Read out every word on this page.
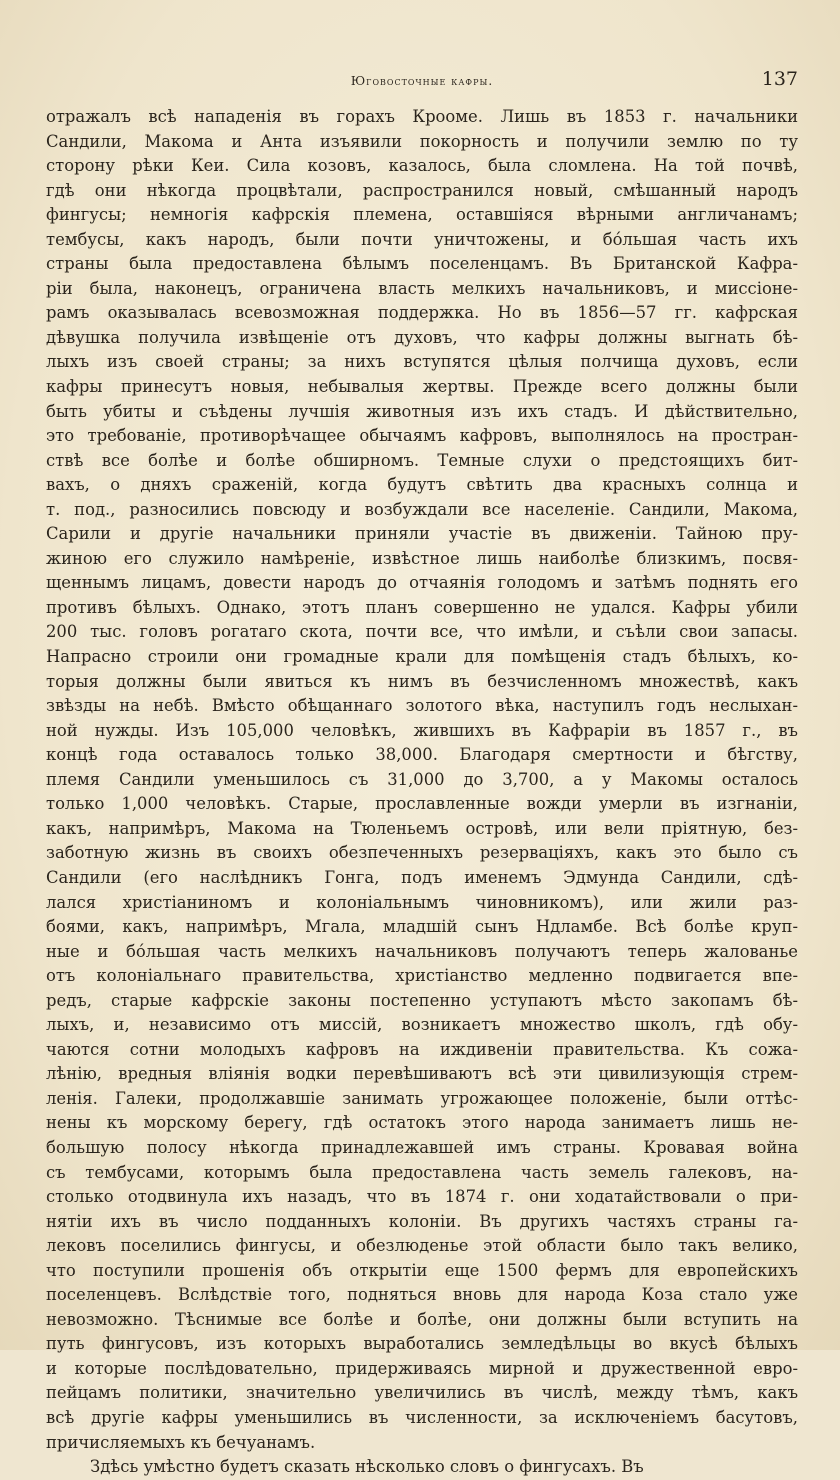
Юговосточные кафры.	137
отражалъ всѣ нападенія въ горахъ Крооме. Лишь въ 1853 г. начальники
Сандили, Макома и Анта изъявили покорность и получили землю по ту
сторону рѣки Кеи. Сила козовъ, казалось, была сломлена. На той почвѣ,
гдѣ они нѣкогда процвѣтали, распространился новый, смѣшанный народъ
фингусы; немногія кафрскія племена, оставшіяся вѣрными англичанамъ;
тембусы, какъ народъ, были почти уничтожены, и бо́льшая часть ихъ
страны была предоставлена бѣлымъ поселенцамъ. Въ Британской Кафра-
ріи была, наконецъ, ограничена власть мелкихъ начальниковъ, и миссіоне-
рамъ оказывалась всевозможная поддержка. Но въ 1856—57 гг. кафрская
дѣвушка получила извѣщеніе отъ духовъ, что кафры должны выгнать бѣ-
лыхъ изъ своей страны; за нихъ вступятся цѣлыя полчища духовъ, если
кафры принесутъ новыя, небывалыя жертвы. Прежде всего должны были
быть убиты и съѣдены лучшія животныя изъ ихъ стадъ. И дѣйствительно,
это требованіе, противорѣчащее обычаямъ кафровъ, выполнялось на простран-
ствѣ все болѣе и болѣе обширномъ. Темные слухи о предстоящихъ бит-
вахъ, о дняхъ сраженій, когда будутъ свѣтить два красныхъ солнца и
т. под., разносились повсюду и возбуждали все населеніе. Сандили, Макома,
Сарили и другіе начальники приняли участіе въ движеніи. Тайною пру-
жиною его служило намѣреніе, извѣстное лишь наиболѣе близкимъ, посвя-
щеннымъ лицамъ, довести народъ до отчаянія голодомъ и затѣмъ поднять его
противъ бѣлыхъ. Однако, этотъ планъ совершенно не удался. Кафры убили
200 тыс. головъ рогатаго скота, почти все, что имѣли, и съѣли свои запасы.
Напрасно строили они громадные крали для помѣщенія стадъ бѣлыхъ, ко-
торыя должны были явиться къ нимъ въ безчисленномъ множествѣ, какъ
звѣзды на небѣ. Вмѣсто обѣщаннаго золотого вѣка, наступилъ годъ неслыхан-
ной нужды. Изъ 105,000 человѣкъ, жившихъ въ Кафраріи въ 1857 г., въ
концѣ года оставалось только 38,000. Благодаря смертности и бѣгству,
племя Сандили уменьшилось съ 31,000 до 3,700, а у Макомы осталось
только 1,000 человѣкъ. Старые, прославленные вожди умерли въ изгнаніи,
какъ, напримѣръ, Макома на Тюленьемъ островѣ, или вели пріятную, без-
заботную жизнь въ своихъ обезпеченныхъ резерваціяхъ, какъ это было съ
Сандили (его наслѣдникъ Гонга, подъ именемъ Эдмунда Сандили, сдѣ-
лался христіаниномъ и колоніальнымъ чиновникомъ), или жили раз-
боями, какъ, напримѣръ, Мгала, младшій сынъ Ндламбе. Всѣ болѣе круп-
ные и бо́льшая часть мелкихъ начальниковъ получаютъ теперь жалованье
отъ колоніальнаго правительства, христіанство медленно подвигается впе-
редъ, старые кафрскіе законы постепенно уступаютъ мѣсто закопамъ бѣ-
лыхъ, и, независимо отъ миссій, возникаетъ множество школъ, гдѣ обу-
чаются сотни молодыхъ кафровъ на иждивеніи правительства. Къ сожа-
лѣнію, вредныя вліянія водки перевѣшиваютъ всѣ эти цивилизующія стрем-
ленія. Галеки, продолжавшіе занимать угрожающее положеніе, были оттѣс-
нены къ морскому берегу, гдѣ остатокъ этого народа занимаетъ лишь не-
большую полосу нѣкогда принадлежавшей имъ страны. Кровавая война
съ тембусами, которымъ была предоставлена часть земель галековъ, на-
столько отодвинула ихъ назадъ, что въ 1874 г. они ходатайствовали о при-
нятіи ихъ въ число подданныхъ колоніи. Въ другихъ частяхъ страны га-
лековъ поселились фингусы, и обезлюденье этой области было такъ велико,
что поступили прошенія объ открытіи еще 1500 фермъ для европейскихъ
поселенцевъ. Вслѣдствіе того, подняться вновь для народа Коза стало уже
невозможно. Тѣснимые все болѣе и болѣе, они должны были вступить на
путь фингусовъ, изъ которыхъ выработались земледѣльцы во вкусѣ бѣлыхъ
и которые послѣдовательно, придерживаясь мирной и дружественной евро-
пейцамъ политики, значительно увеличились въ числѣ, между тѣмъ, какъ
всѣ другіе кафры уменьшились въ численности, за исключеніемъ басутовъ,
причисляемыхъ къ бечуанамъ.
Здѣсь умѣстно будетъ сказать нѣсколько словъ о фингусахъ. Въ
